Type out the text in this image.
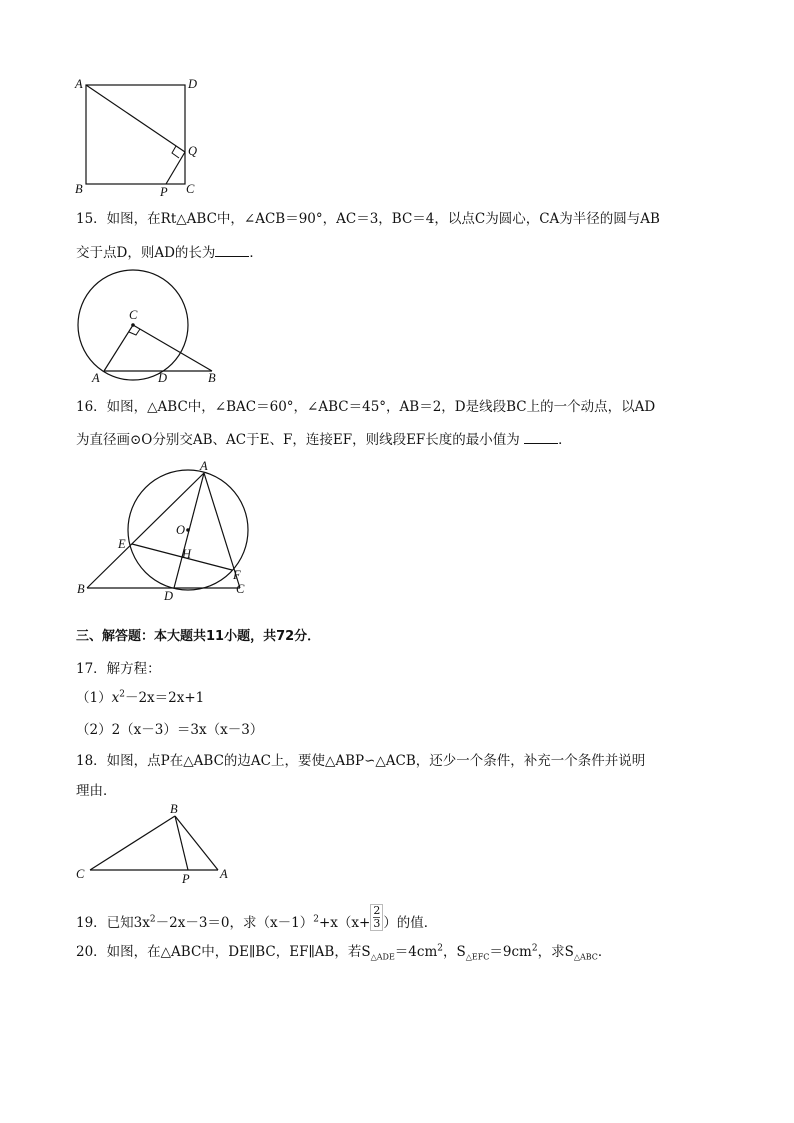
A	D
Q
B	P C
15．如图，在Rt△ABC中，∠ACB＝90°，AC＝3，BC＝4，以点C为圆心，CA为半径的圆与AB
交于点D，则AD的长为	．
C
A	D	B
16．如图，△ABC中，∠BAC＝60°，∠ABC＝45°，AB＝2，D是线段BC上的一个动点，以AD
为直径画⊙O分别交AB、AC于E、F，连接EF，则线段EF长度的最小值为	．
A
O
E
H
F
B	D	C
三、解答题：本大题共11小题，共72分．
17．解方程：
$(1)x^2-2x=2x+1$
（2）2（x－3）＝3x（x－3）
18．如图，点P在△ABC的边AC上，要使△ABP∽△ACB，还少一个条件，补充一个条件并说明
理由．
B
C	P A
19．已知$3x^2-2x-3=0$，求$(x-1)^2+x(x+ \frac{2}{3}$ ）的值．
20．如图，在△ABC中，DE∥BC，EF∥AB，若$S_{\triangle ADE}=4cm^2$，$S_{\triangle EFC}=9cm^2$，求$S_{\triangle ABC}$．
